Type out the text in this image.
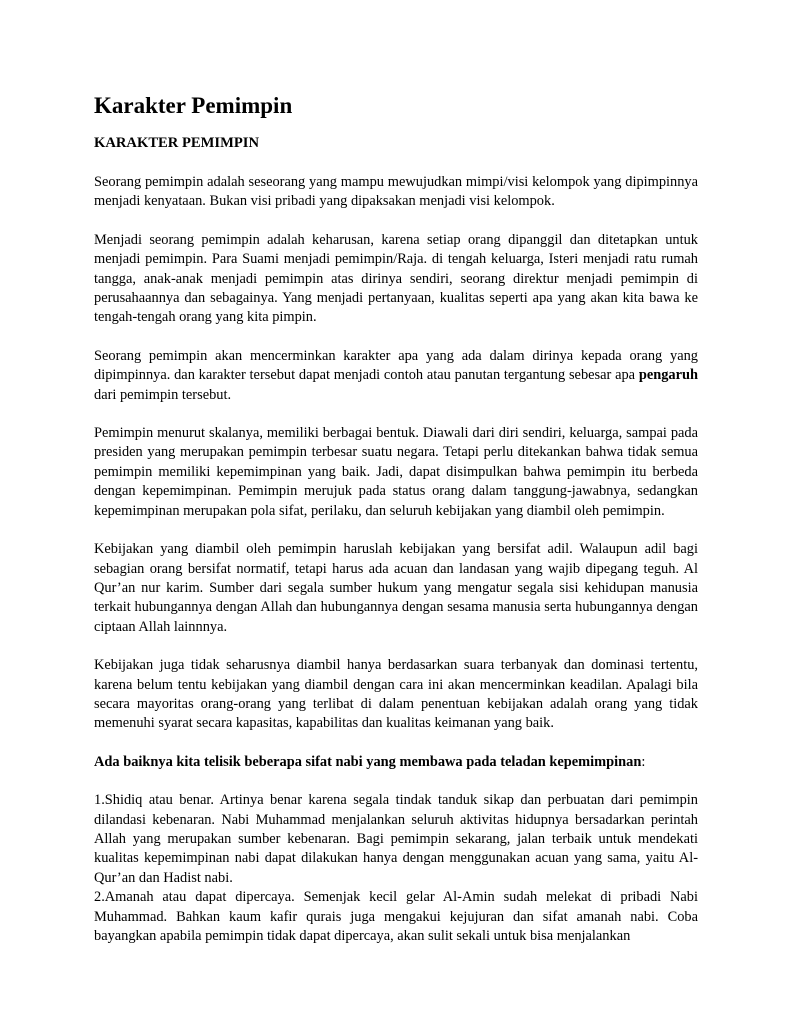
Karakter Pemimpin
KARAKTER PEMIMPIN

Seorang pemimpin adalah seseorang yang mampu mewujudkan mimpi/visi kelompok yang dipimpinnya menjadi kenyataan. Bukan visi pribadi yang dipaksakan menjadi visi kelompok.

Menjadi seorang pemimpin adalah keharusan, karena setiap orang dipanggil dan ditetapkan untuk menjadi pemimpin. Para Suami menjadi pemimpin/Raja. di tengah keluarga, Isteri menjadi ratu rumah tangga, anak-anak menjadi pemimpin atas dirinya sendiri, seorang direktur menjadi pemimpin di perusahaannya dan sebagainya. Yang menjadi pertanyaan, kualitas seperti apa yang akan kita bawa ke tengah-tengah orang yang kita pimpin.

Seorang pemimpin akan mencerminkan karakter apa yang ada dalam dirinya kepada orang yang dipimpinnya. dan karakter tersebut dapat menjadi contoh atau panutan tergantung sebesar apa pengaruh dari pemimpin tersebut.

Pemimpin menurut skalanya, memiliki berbagai bentuk. Diawali dari diri sendiri, keluarga, sampai pada presiden yang merupakan pemimpin terbesar suatu negara. Tetapi perlu ditekankan bahwa tidak semua pemimpin memiliki kepemimpinan yang baik. Jadi, dapat disimpulkan bahwa pemimpin itu berbeda dengan kepemimpinan. Pemimpin merujuk pada status orang dalam tanggung-jawabnya, sedangkan kepemimpinan merupakan pola sifat, perilaku, dan seluruh kebijakan yang diambil oleh pemimpin.

Kebijakan yang diambil oleh pemimpin haruslah kebijakan yang bersifat adil. Walaupun adil bagi sebagian orang bersifat normatif, tetapi harus ada acuan dan landasan yang wajib dipegang teguh. Al Qur’an nur karim. Sumber dari segala sumber hukum yang mengatur segala sisi kehidupan manusia terkait hubungannya dengan Allah dan hubungannya dengan sesama manusia serta hubungannya dengan ciptaan Allah lainnnya.

Kebijakan juga tidak seharusnya diambil hanya berdasarkan suara terbanyak dan dominasi tertentu, karena belum tentu kebijakan yang diambil dengan cara ini akan mencerminkan keadilan. Apalagi bila secara mayoritas orang-orang yang terlibat di dalam penentuan kebijakan adalah orang yang tidak memenuhi syarat secara kapasitas, kapabilitas dan kualitas keimanan yang baik.

Ada baiknya kita telisik beberapa sifat nabi yang membawa pada teladan kepemimpinan:

1.Shidiq atau benar. Artinya benar karena segala tindak tanduk sikap dan perbuatan dari pemimpin dilandasi kebenaran. Nabi Muhammad menjalankan seluruh aktivitas hidupnya bersadarkan perintah Allah yang merupakan sumber kebenaran. Bagi pemimpin sekarang, jalan terbaik untuk mendekati kualitas kepemimpinan nabi dapat dilakukan hanya dengan menggunakan acuan yang sama, yaitu Al-Qur’an dan Hadist nabi.

2.Amanah atau dapat dipercaya. Semenjak kecil gelar Al-Amin sudah melekat di pribadi Nabi Muhammad. Bahkan kaum kafir qurais juga mengakui kejujuran dan sifat amanah nabi. Coba bayangkan apabila pemimpin tidak dapat dipercaya, akan sulit sekali untuk bisa menjalankan
